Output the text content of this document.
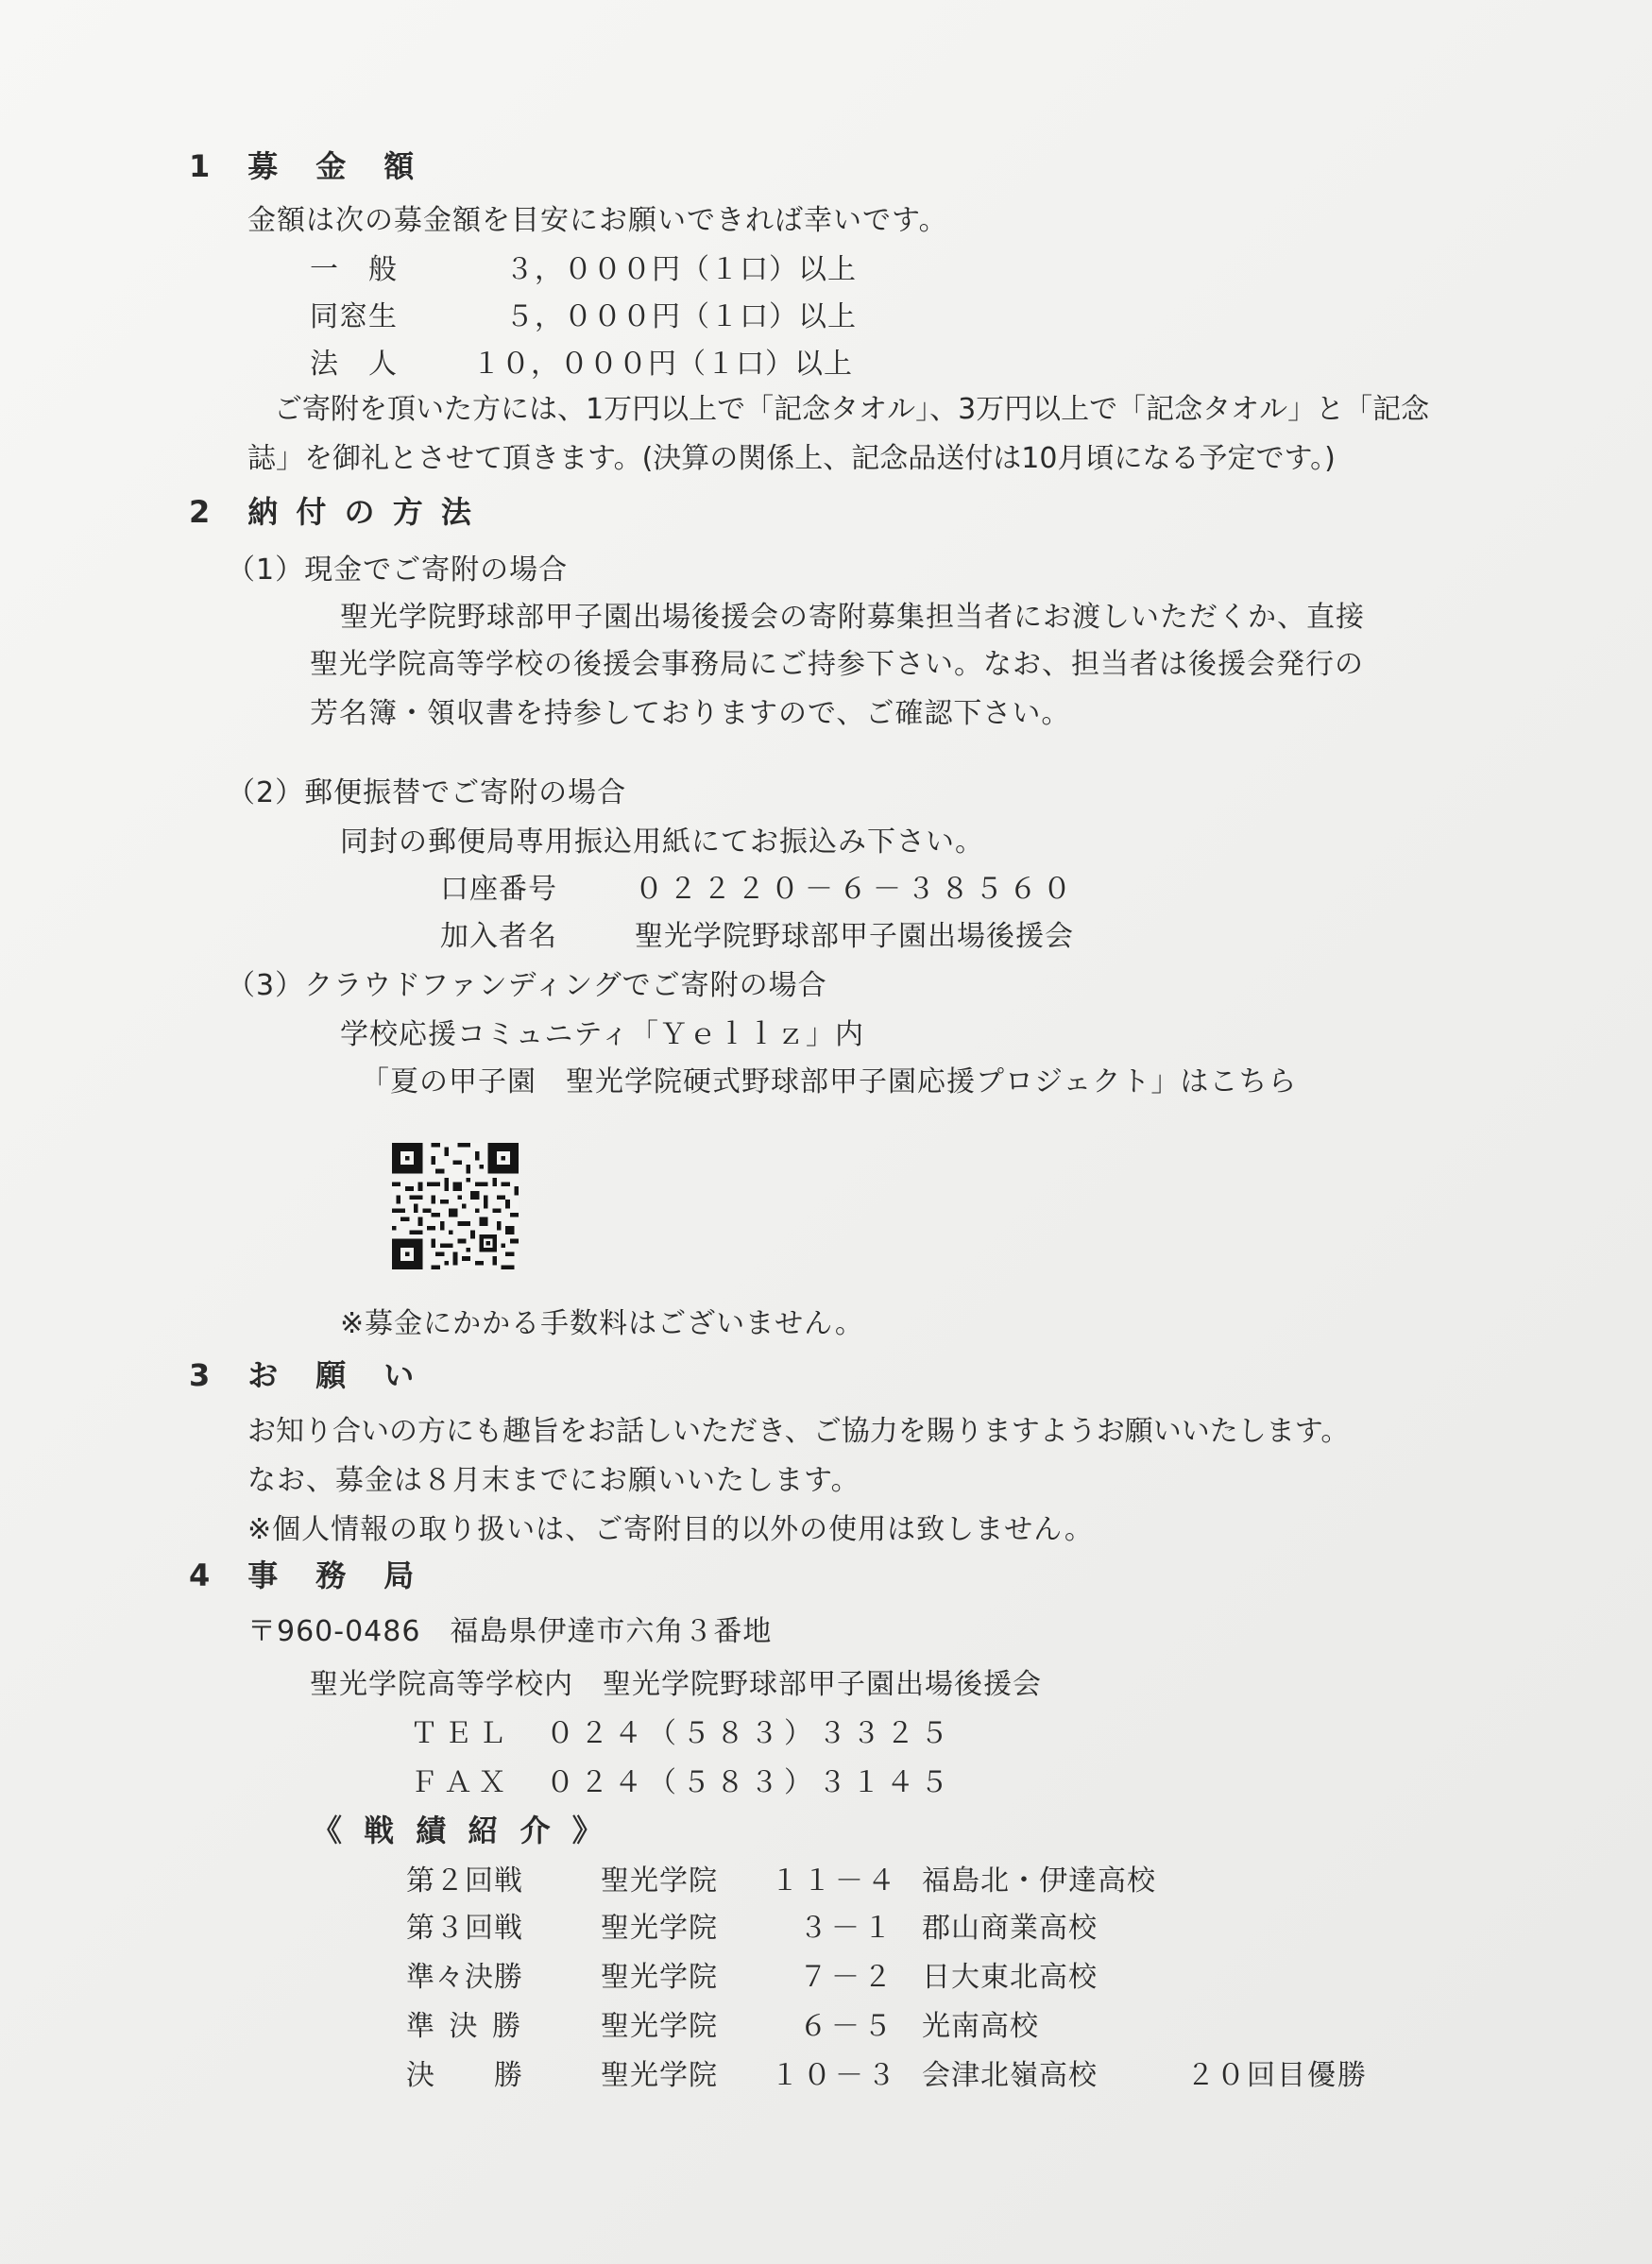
1　募　金　額
金額は次の募金額を目安にお願いできれば幸いです。
一　般	３，０００円（１口）以上
同窓生	５，０００円（１口）以上
法　人	１０，０００円（１口）以上
ご寄附を頂いた方には、1万円以上で「記念タオル」、3万円以上で「記念タオル」と「記念
誌」を御礼とさせて頂きます。(決算の関係上、記念品送付は10月頃になる予定です。)
2　納 付 の 方 法
（1）現金でご寄附の場合
聖光学院野球部甲子園出場後援会の寄附募集担当者にお渡しいただくか、直接
聖光学院高等学校の後援会事務局にご持参下さい。なお、担当者は後援会発行の
芳名簿・領収書を持参しておりますので、ご確認下さい。
（2）郵便振替でご寄附の場合
同封の郵便局専用振込用紙にてお振込み下さい。
口座番号	０２２２０－６－３８５６０
加入者名	聖光学院野球部甲子園出場後援会
（3）クラウドファンディングでご寄附の場合
学校応援コミュニティ「Ｙｅｌｌｚ」内
「夏の甲子園　聖光学院硬式野球部甲子園応援プロジェクト」はこちら
※募金にかかる手数料はございません。
3　お　願　い
お知り合いの方にも趣旨をお話しいただき、ご協力を賜りますようお願いいたします。
なお、募金は８月末までにお願いいたします。
※個人情報の取り扱いは、ご寄附目的以外の使用は致しません。
4　事　務　局
〒960-0486　福島県伊達市六角３番地
聖光学院高等学校内　聖光学院野球部甲子園出場後援会
ＴＥＬ　０２４（５８３）３３２５
ＦＡＸ　０２４（５８３）３１４５
《 戦 績 紹 介 》
第２回戦	聖光学院 １１－４ 福島北・伊達高校
第３回戦	聖光学院	３－１ 郡山商業高校
準々決勝	聖光学院	７－２ 日大東北高校
準 決 勝	聖光学院	６－５ 光南高校
決　　勝	聖光学院 １０－３ 会津北嶺高校	２０回目優勝
